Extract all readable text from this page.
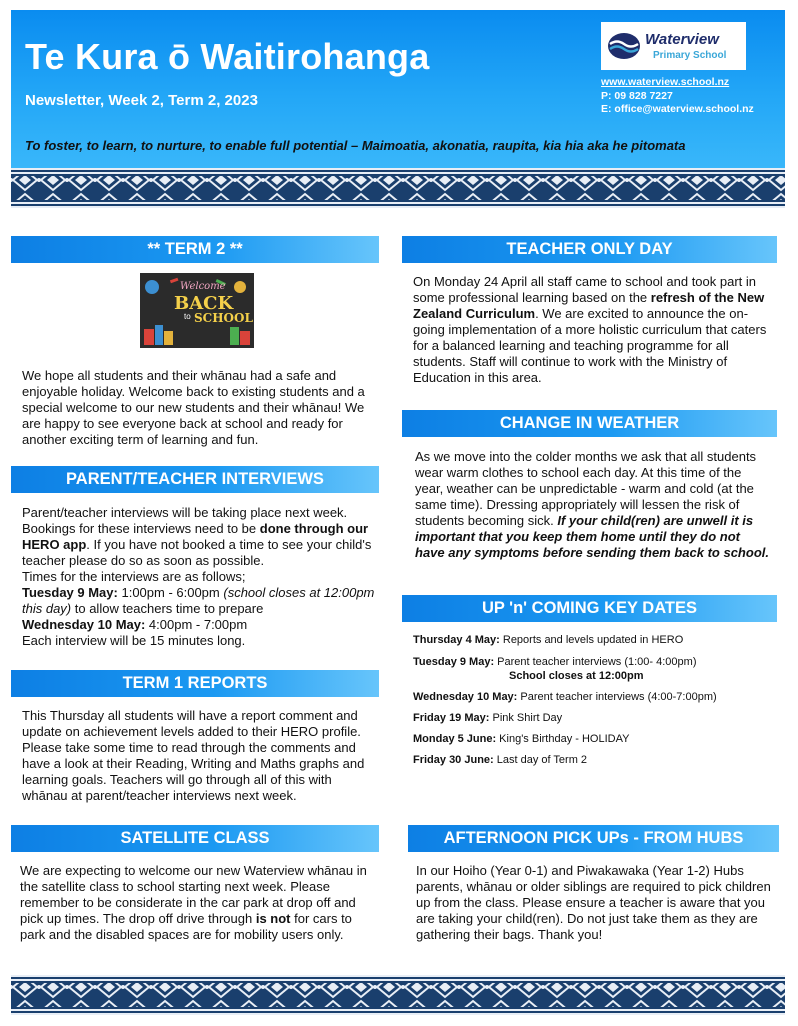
Te Kura ō Waitirohanga
Newsletter, Week 2, Term 2, 2023
Waterview
Primary School
www.waterview.school.nz
P: 09 828 7227
E: office@waterview.school.nz
To foster, to learn, to nurture, to enable full potential – Maimoatia, akonatia, raupita, kia hia aka he pitomata
** TERM 2 **
Welcome
BACK
to SCHOOL

We hope all students and their whānau had a safe and enjoyable holiday. Welcome back to existing students and a special welcome to our new students and their whānau! We are happy to see everyone back at school and ready for another exciting term of learning and fun.

PARENT/TEACHER INTERVIEWS
Parent/teacher interviews will be taking place next week. Bookings for these interviews need to be done through our HERO app. If you have not booked a time to see your child's teacher please do so as soon as possible.
Times for the interviews are as follows;
Tuesday 9 May: 1:00pm - 6:00pm (school closes at 12:00pm this day) to allow teachers time to prepare
Wednesday 10 May: 4:00pm - 7:00pm
Each interview will be 15 minutes long.
TERM 1 REPORTS

This Thursday all students will have a report comment and update on achievement levels added to their HERO profile. Please take some time to read through the comments and have a look at their Reading, Writing and Maths graphs and learning goals. Teachers will go through all of this with whānau at parent/teacher interviews next week.

SATELLITE CLASS
We are expecting to welcome our new Waterview whānau in the satellite class to school starting next week. Please remember to be considerate in the car park at drop off and pick up times. The drop off drive through is not for cars to park and the disabled spaces are for mobility users only.
TEACHER ONLY DAY
On Monday 24 April all staff came to school and took part in some professional learning based on the refresh of the New Zealand Curriculum. We are excited to announce the on-going implementation of a more holistic curriculum that caters for a balanced learning and teaching programme for all students. Staff will continue to work with the Ministry of Education in this area.
CHANGE IN WEATHER
As we move into the colder months we ask that all students wear warm clothes to school each day. At this time of the year, weather can be unpredictable - warm and cold (at the same time). Dressing appropriately will lessen the risk of students becoming sick. If your child(ren) are unwell it is important that you keep them home until they do not have any symptoms before sending them back to school.
UP 'n' COMING KEY DATES
Thursday 4 May: Reports and levels updated in HERO
Tuesday 9 May: Parent teacher interviews (1:00- 4:00pm)
School closes at 12:00pm
Wednesday 10 May: Parent teacher interviews (4:00-7:00pm)
Friday 19 May: Pink Shirt Day
Monday 5 June: King's Birthday - HOLIDAY
Friday 30 June: Last day of Term 2
AFTERNOON PICK UPs - FROM HUBS

In our Hoiho (Year 0-1) and Piwakawaka (Year 1-2) Hubs parents, whānau or older siblings are required to pick children up from the class. Please ensure a teacher is aware that you are taking your child(ren). Do not just take them as they are gathering their bags. Thank you!
